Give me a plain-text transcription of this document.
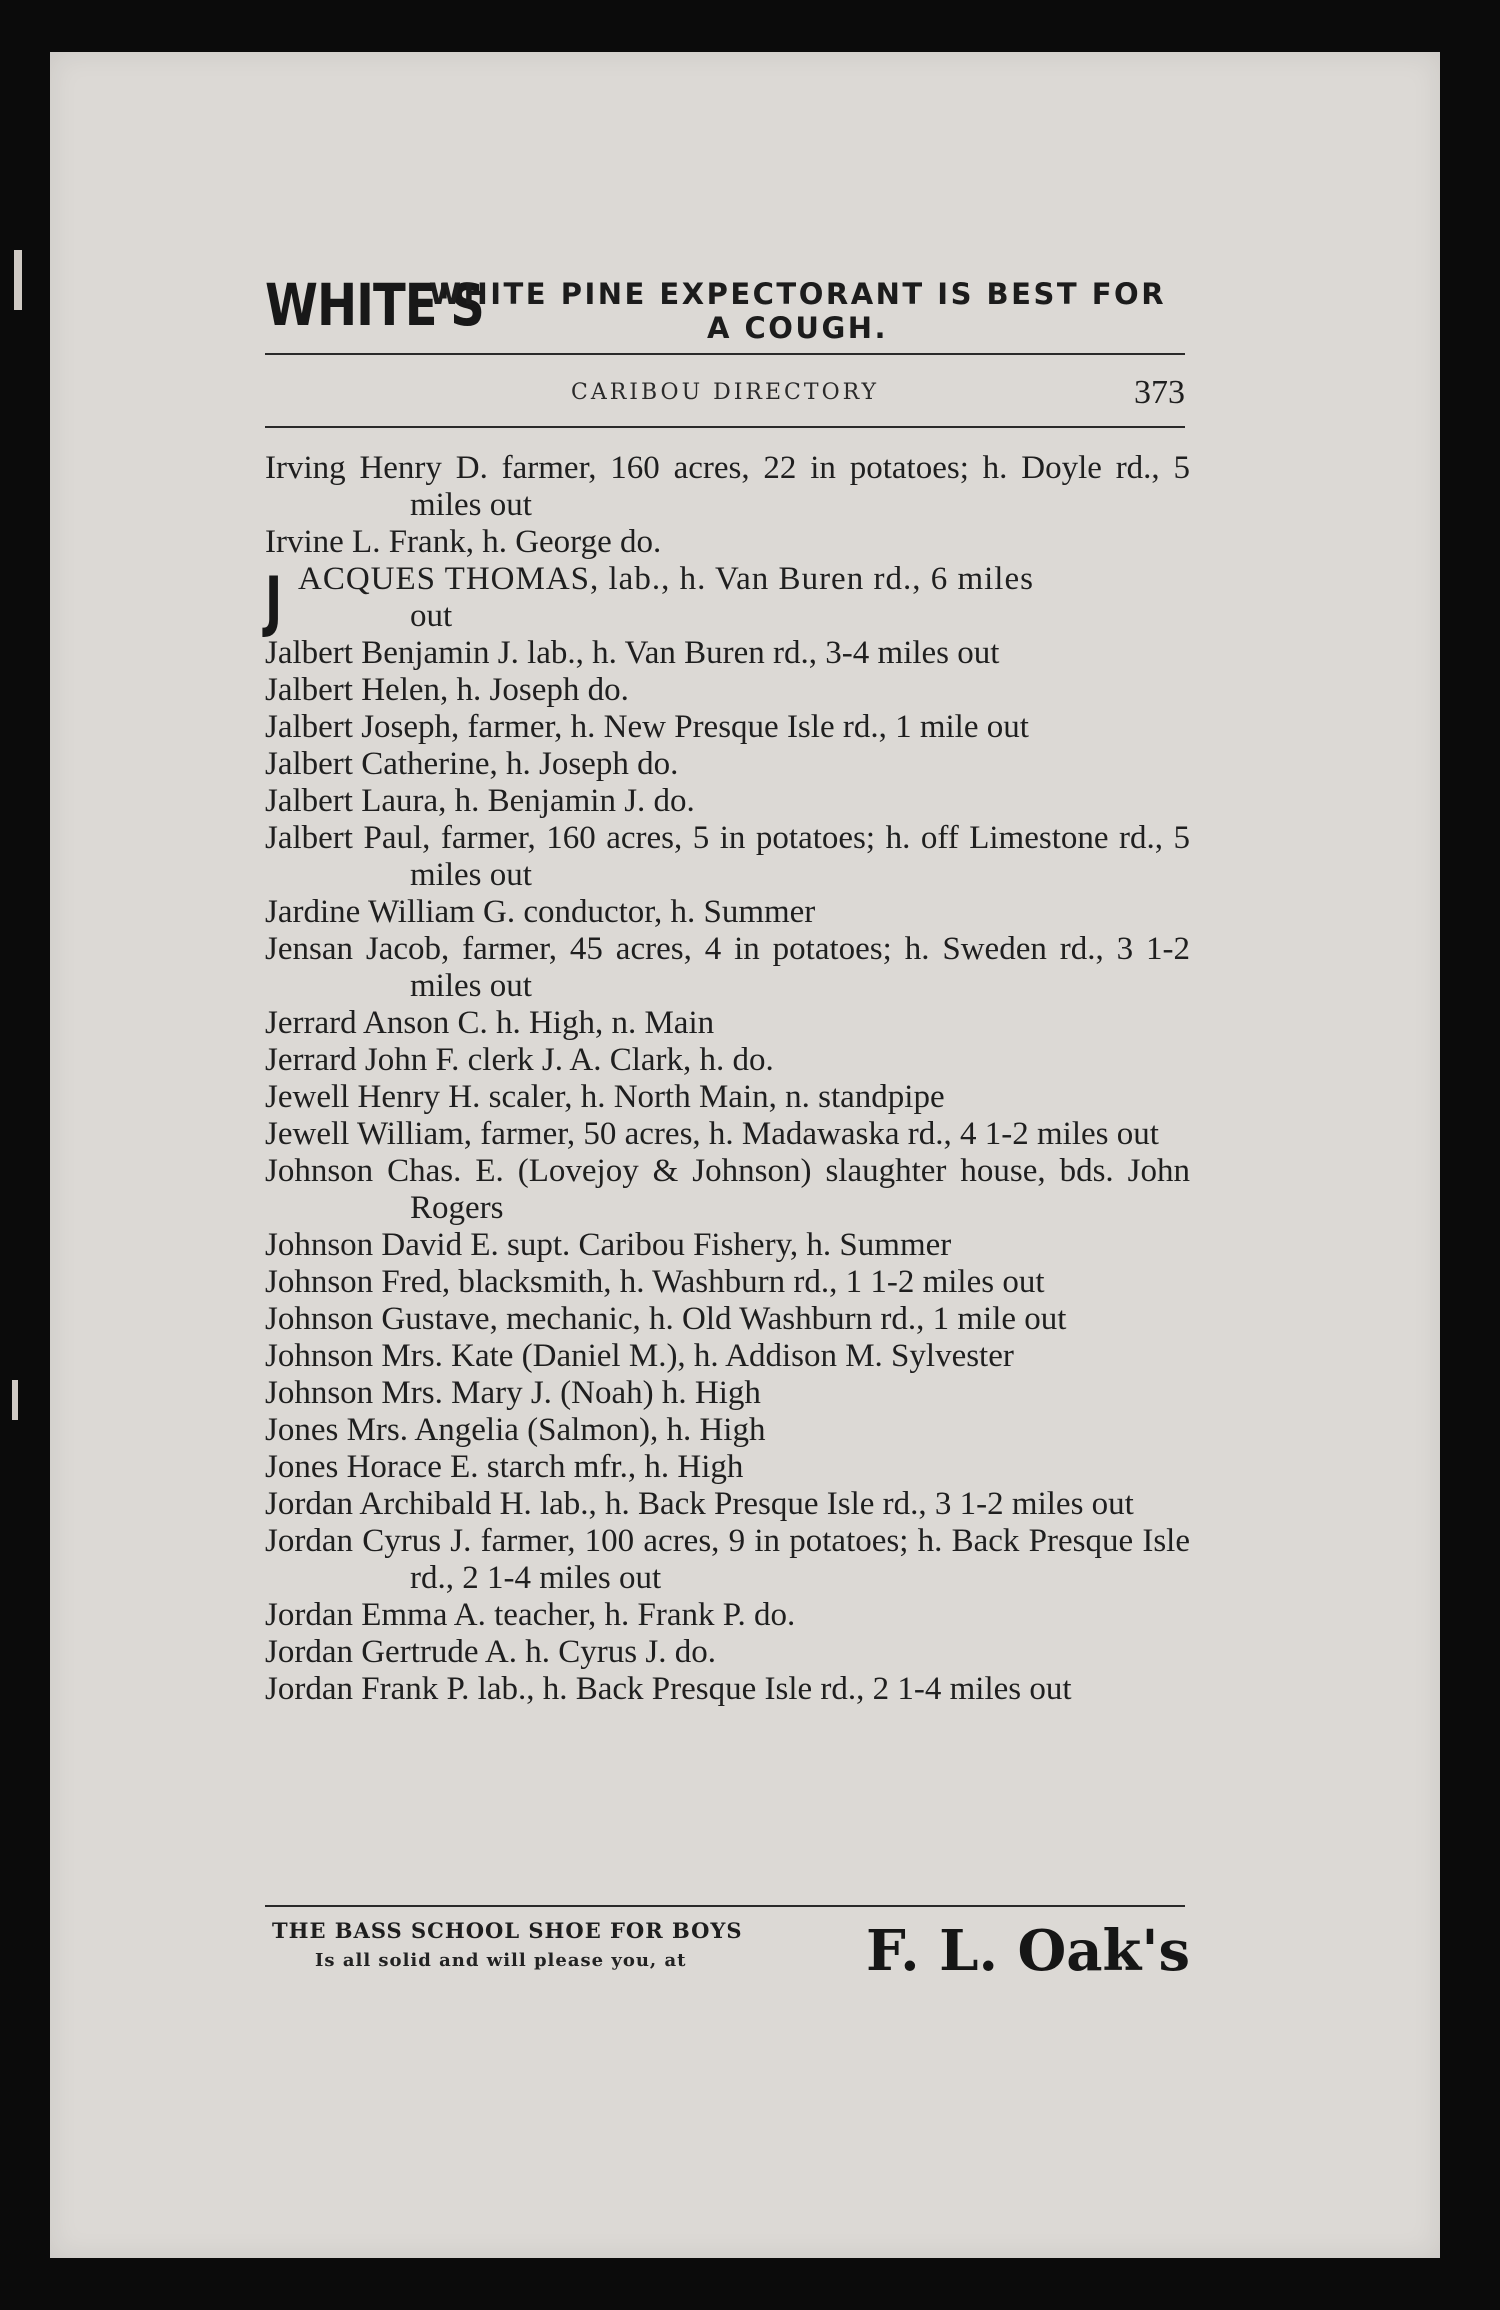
WHITE'S
WHITE PINE EXPECTORANT IS BEST FOR
A COUGH.
CARIBOU DIRECTORY	373
Irving Henry D. farmer, 160 acres, 22 in potatoes; h. Doyle rd., 5 miles out
Irvine L. Frank, h. George do.
J ACQUES THOMAS, lab., h. Van Buren rd., 6 miles
out
Jalbert Benjamin J. lab., h. Van Buren rd., 3-4 miles out
Jalbert Helen, h. Joseph do.
Jalbert Joseph, farmer, h. New Presque Isle rd., 1 mile out
Jalbert Catherine, h. Joseph do.
Jalbert Laura, h. Benjamin J. do.
Jalbert Paul, farmer, 160 acres, 5 in potatoes; h. off Limestone rd., 5 miles out
Jardine William G. conductor, h. Summer
Jensan Jacob, farmer, 45 acres, 4 in potatoes; h. Sweden rd., 3 1-2 miles out
Jerrard Anson C. h. High, n. Main
Jerrard John F. clerk J. A. Clark, h. do.
Jewell Henry H. scaler, h. North Main, n. standpipe
Jewell William, farmer, 50 acres, h. Madawaska rd., 4 1-2 miles out
Johnson Chas. E. (Lovejoy & Johnson) slaughter house, bds. John Rogers
Johnson David E. supt. Caribou Fishery, h. Summer
Johnson Fred, blacksmith, h. Washburn rd., 1 1-2 miles out
Johnson Gustave, mechanic, h. Old Washburn rd., 1 mile out
Johnson Mrs. Kate (Daniel M.), h. Addison M. Sylvester
Johnson Mrs. Mary J. (Noah) h. High
Jones Mrs. Angelia (Salmon), h. High
Jones Horace E. starch mfr., h. High
Jordan Archibald H. lab., h. Back Presque Isle rd., 3 1-2 miles out
Jordan Cyrus J. farmer, 100 acres, 9 in potatoes; h. Back Presque Isle rd., 2 1-4 miles out
Jordan Emma A. teacher, h. Frank P. do.
Jordan Gertrude A. h. Cyrus J. do.
Jordan Frank P. lab., h. Back Presque Isle rd., 2 1-4 miles out
THE BASS SCHOOL SHOE FOR BOYS
Is all solid and will please you, at	F. L. Oak's
